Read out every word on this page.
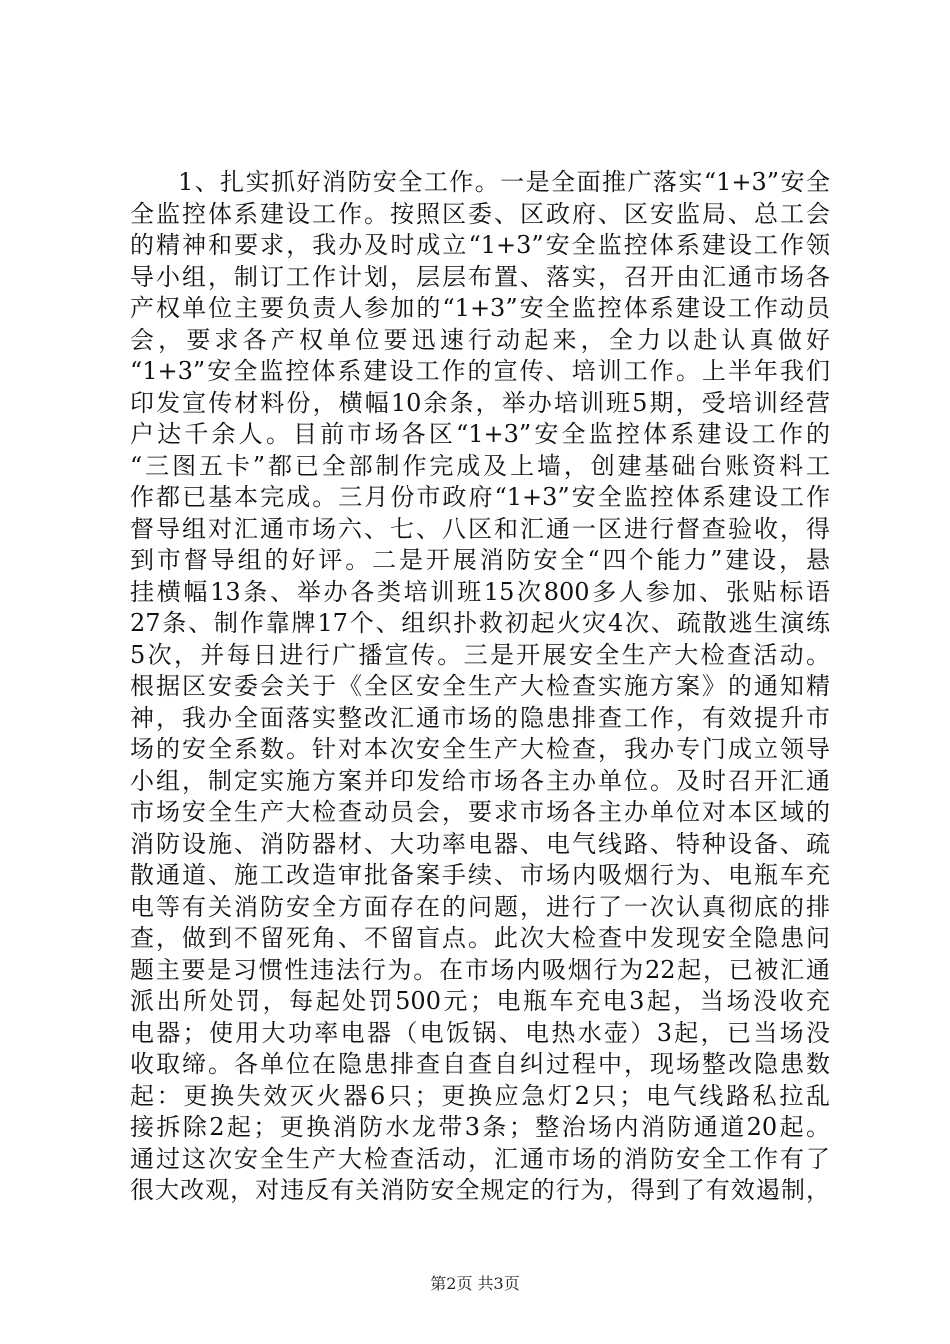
1、扎实抓好消防安全工作。一是全面推广落实“1+3”安全
全监控体系建设工作。按照区委、区政府、区安监局、总工会
的精神和要求，我办及时成立“1+3”安全监控体系建设工作领
导小组，制订工作计划，层层布置、落实，召开由汇通市场各
产权单位主要负责人参加的“1+3”安全监控体系建设工作动员
会，要求各产权单位要迅速行动起来，全力以赴认真做好
“1+3”安全监控体系建设工作的宣传、培训工作。上半年我们
印发宣传材料份，横幅10余条，举办培训班5期，受培训经营
户达千余人。目前市场各区“1+3”安全监控体系建设工作的
“三图五卡”都已全部制作完成及上墙，创建基础台账资料工
作都已基本完成。三月份市政府“1+3”安全监控体系建设工作
督导组对汇通市场六、七、八区和汇通一区进行督查验收，得
到市督导组的好评。二是开展消防安全“四个能力”建设，悬
挂横幅13条、举办各类培训班15次800多人参加、张贴标语
27条、制作靠牌17个、组织扑救初起火灾4次、疏散逃生演练
5次，并每日进行广播宣传。三是开展安全生产大检查活动。
根据区安委会关于《全区安全生产大检查实施方案》的通知精
神，我办全面落实整改汇通市场的隐患排查工作，有效提升市
场的安全系数。针对本次安全生产大检查，我办专门成立领导
小组，制定实施方案并印发给市场各主办单位。及时召开汇通
市场安全生产大检查动员会，要求市场各主办单位对本区域的
消防设施、消防器材、大功率电器、电气线路、特种设备、疏
散通道、施工改造审批备案手续、市场内吸烟行为、电瓶车充
电等有关消防安全方面存在的问题，进行了一次认真彻底的排
查，做到不留死角、不留盲点。此次大检查中发现安全隐患问
题主要是习惯性违法行为。在市场内吸烟行为22起，已被汇通
派出所处罚，每起处罚500元；电瓶车充电3起，当场没收充
电器；使用大功率电器（电饭锅、电热水壶）3起，已当场没
收取缔。各单位在隐患排查自查自纠过程中，现场整改隐患数
起：更换失效灭火器6只；更换应急灯2只；电气线路私拉乱
接拆除2起；更换消防水龙带3条；整治场内消防通道20起。
通过这次安全生产大检查活动，汇通市场的消防安全工作有了
很大改观，对违反有关消防安全规定的行为，得到了有效遏制，
第2页 共3页
